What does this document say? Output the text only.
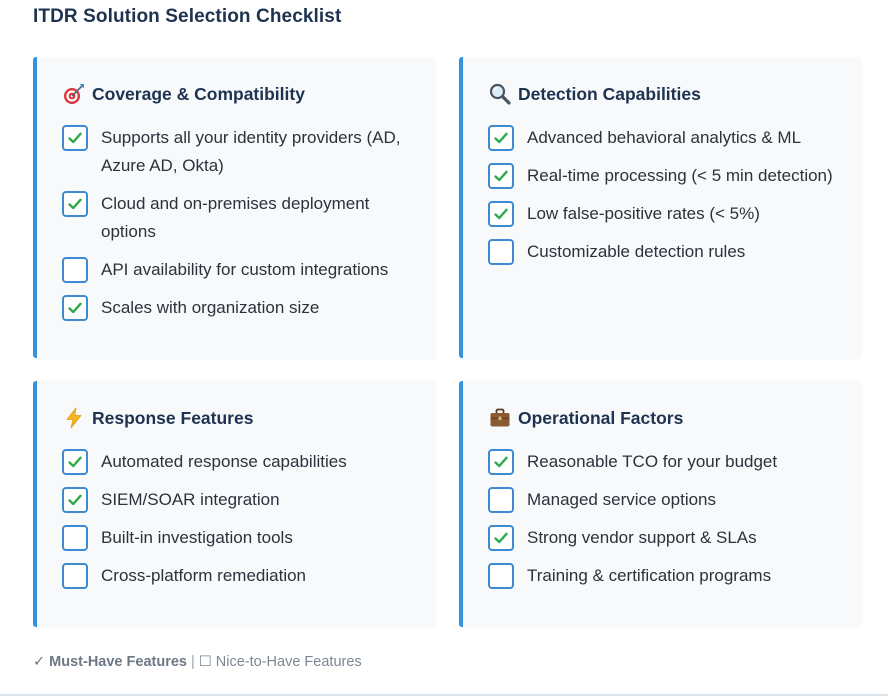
ITDR Solution Selection Checklist
Coverage & Compatibility
Supports all your identity providers (AD, Azure AD, Okta)
Cloud and on-premises deployment options
API availability for custom integrations
Scales with organization size
Detection Capabilities
Advanced behavioral analytics & ML
Real-time processing (< 5 min detection)
Low false-positive rates (< 5%)
Customizable detection rules
Response Features
Automated response capabilities
SIEM/SOAR integration
Built-in investigation tools
Cross-platform remediation
Operational Factors
Reasonable TCO for your budget
Managed service options
Strong vendor support & SLAs
Training & certification programs
✓ Must-Have Features | ☐ Nice-to-Have Features
